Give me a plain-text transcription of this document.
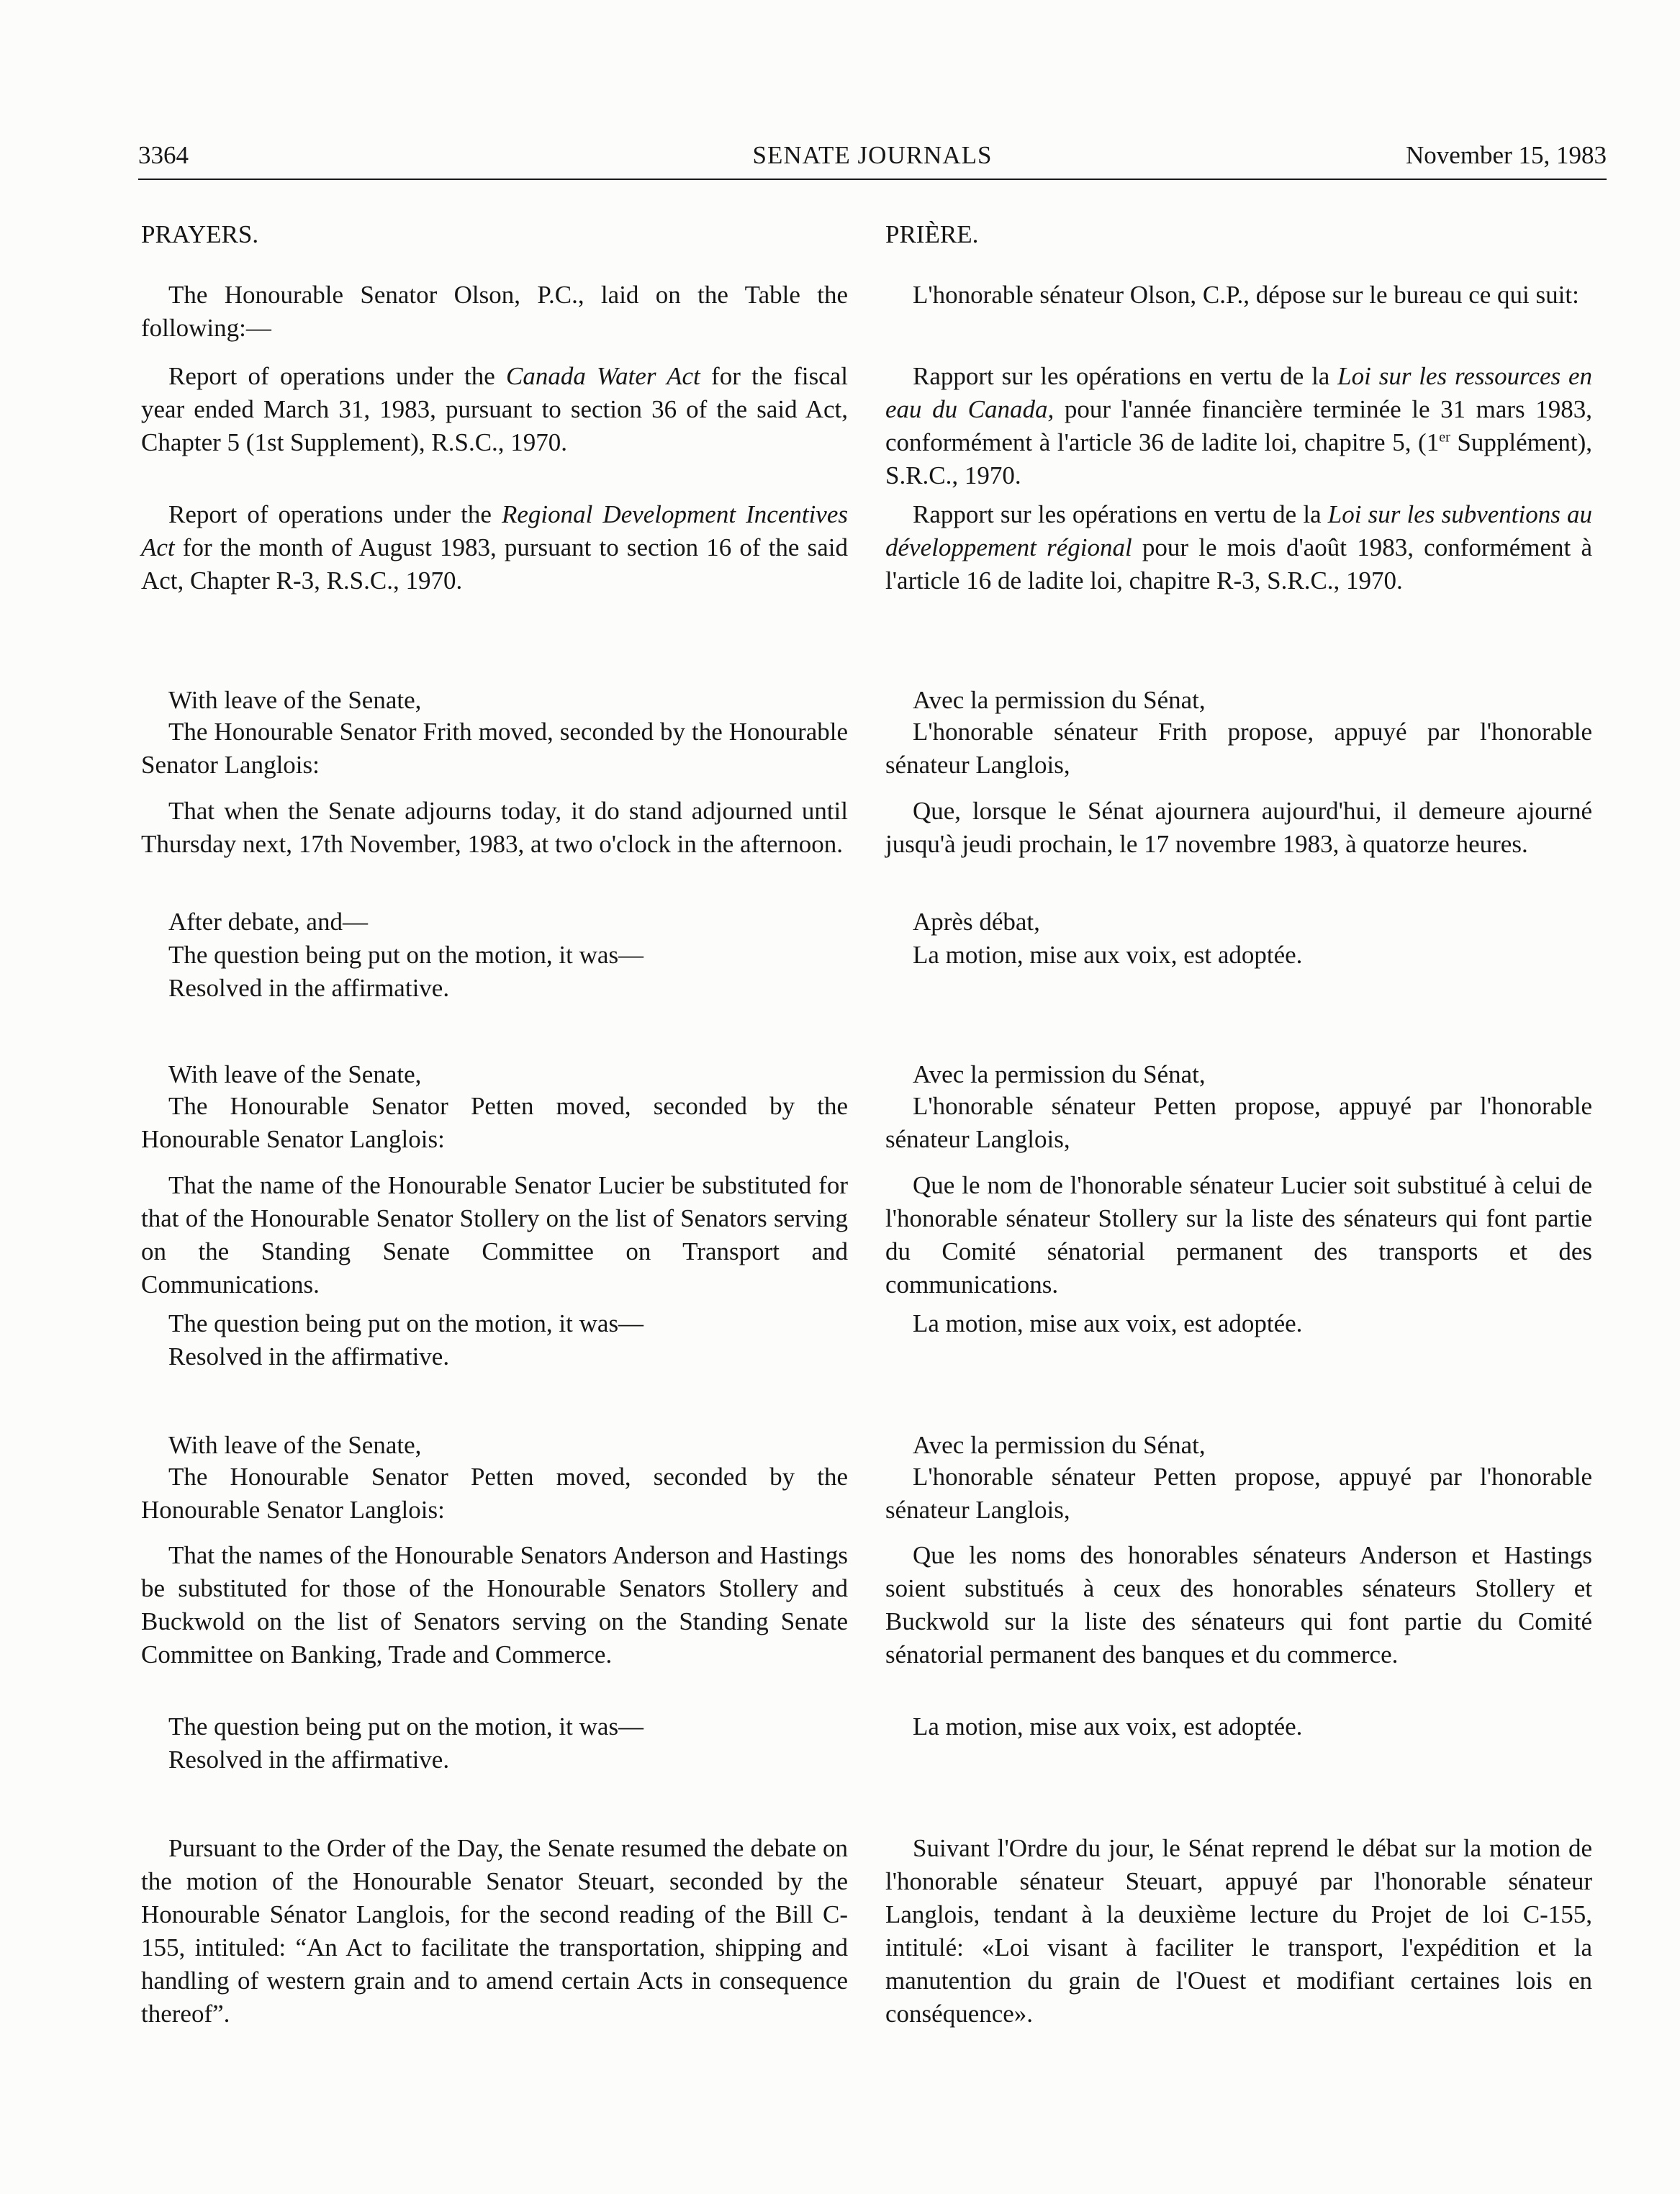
3364	SENATE JOURNALS	November 15, 1983
PRAYERS.
The Honourable Senator Olson, P.C., laid on the Table the following:—
Report of operations under the Canada Water Act for the fiscal year ended March 31, 1983, pursuant to section 36 of the said Act, Chapter 5 (1st Supplement), R.S.C., 1970.
Report of operations under the Regional Development Incentives Act for the month of August 1983, pursuant to section 16 of the said Act, Chapter R-3, R.S.C., 1970.
With leave of the Senate,
The Honourable Senator Frith moved, seconded by the Honourable Senator Langlois:
That when the Senate adjourns today, it do stand adjourned until Thursday next, 17th November, 1983, at two o'clock in the afternoon.
After debate, and—
The question being put on the motion, it was—
Resolved in the affirmative.
With leave of the Senate,
The Honourable Senator Petten moved, seconded by the Honourable Senator Langlois:
That the name of the Honourable Senator Lucier be substituted for that of the Honourable Senator Stollery on the list of Senators serving on the Standing Senate Committee on Transport and Communications.
The question being put on the motion, it was—
Resolved in the affirmative.
With leave of the Senate,
The Honourable Senator Petten moved, seconded by the Honourable Senator Langlois:
That the names of the Honourable Senators Anderson and Hastings be substituted for those of the Honourable Senators Stollery and Buckwold on the list of Senators serving on the Standing Senate Committee on Banking, Trade and Commerce.
The question being put on the motion, it was—
Resolved in the affirmative.
Pursuant to the Order of the Day, the Senate resumed the debate on the motion of the Honourable Senator Steuart, seconded by the Honourable Sénator Langlois, for the second reading of the Bill C-155, intituled: “An Act to facilitate the transportation, shipping and handling of western grain and to amend certain Acts in consequence thereof”.
PRIÈRE.
L'honorable sénateur Olson, C.P., dépose sur le bureau ce qui suit:
Rapport sur les opérations en vertu de la Loi sur les ressources en eau du Canada, pour l'année financière terminée le 31 mars 1983, conformément à l'article 36 de ladite loi, chapitre 5, (1er Supplément), S.R.C., 1970.
Rapport sur les opérations en vertu de la Loi sur les subventions au développement régional pour le mois d'août 1983, conformément à l'article 16 de ladite loi, chapitre R-3, S.R.C., 1970.
Avec la permission du Sénat,
L'honorable sénateur Frith propose, appuyé par l'honorable sénateur Langlois,
Que, lorsque le Sénat ajournera aujourd'hui, il demeure ajourné jusqu'à jeudi prochain, le 17 novembre 1983, à quatorze heures.
Après débat,
La motion, mise aux voix, est adoptée.
Avec la permission du Sénat,
L'honorable sénateur Petten propose, appuyé par l'honorable sénateur Langlois,
Que le nom de l'honorable sénateur Lucier soit substitué à celui de l'honorable sénateur Stollery sur la liste des sénateurs qui font partie du Comité sénatorial permanent des transports et des communications.
La motion, mise aux voix, est adoptée.
Avec la permission du Sénat,
L'honorable sénateur Petten propose, appuyé par l'honorable sénateur Langlois,
Que les noms des honorables sénateurs Anderson et Hastings soient substitués à ceux des honorables sénateurs Stollery et Buckwold sur la liste des sénateurs qui font partie du Comité sénatorial permanent des banques et du commerce.
La motion, mise aux voix, est adoptée.
Suivant l'Ordre du jour, le Sénat reprend le débat sur la motion de l'honorable sénateur Steuart, appuyé par l'honorable sénateur Langlois, tendant à la deuxième lecture du Projet de loi C-155, intitulé: «Loi visant à faciliter le transport, l'expédition et la manutention du grain de l'Ouest et modifiant certaines lois en conséquence».
